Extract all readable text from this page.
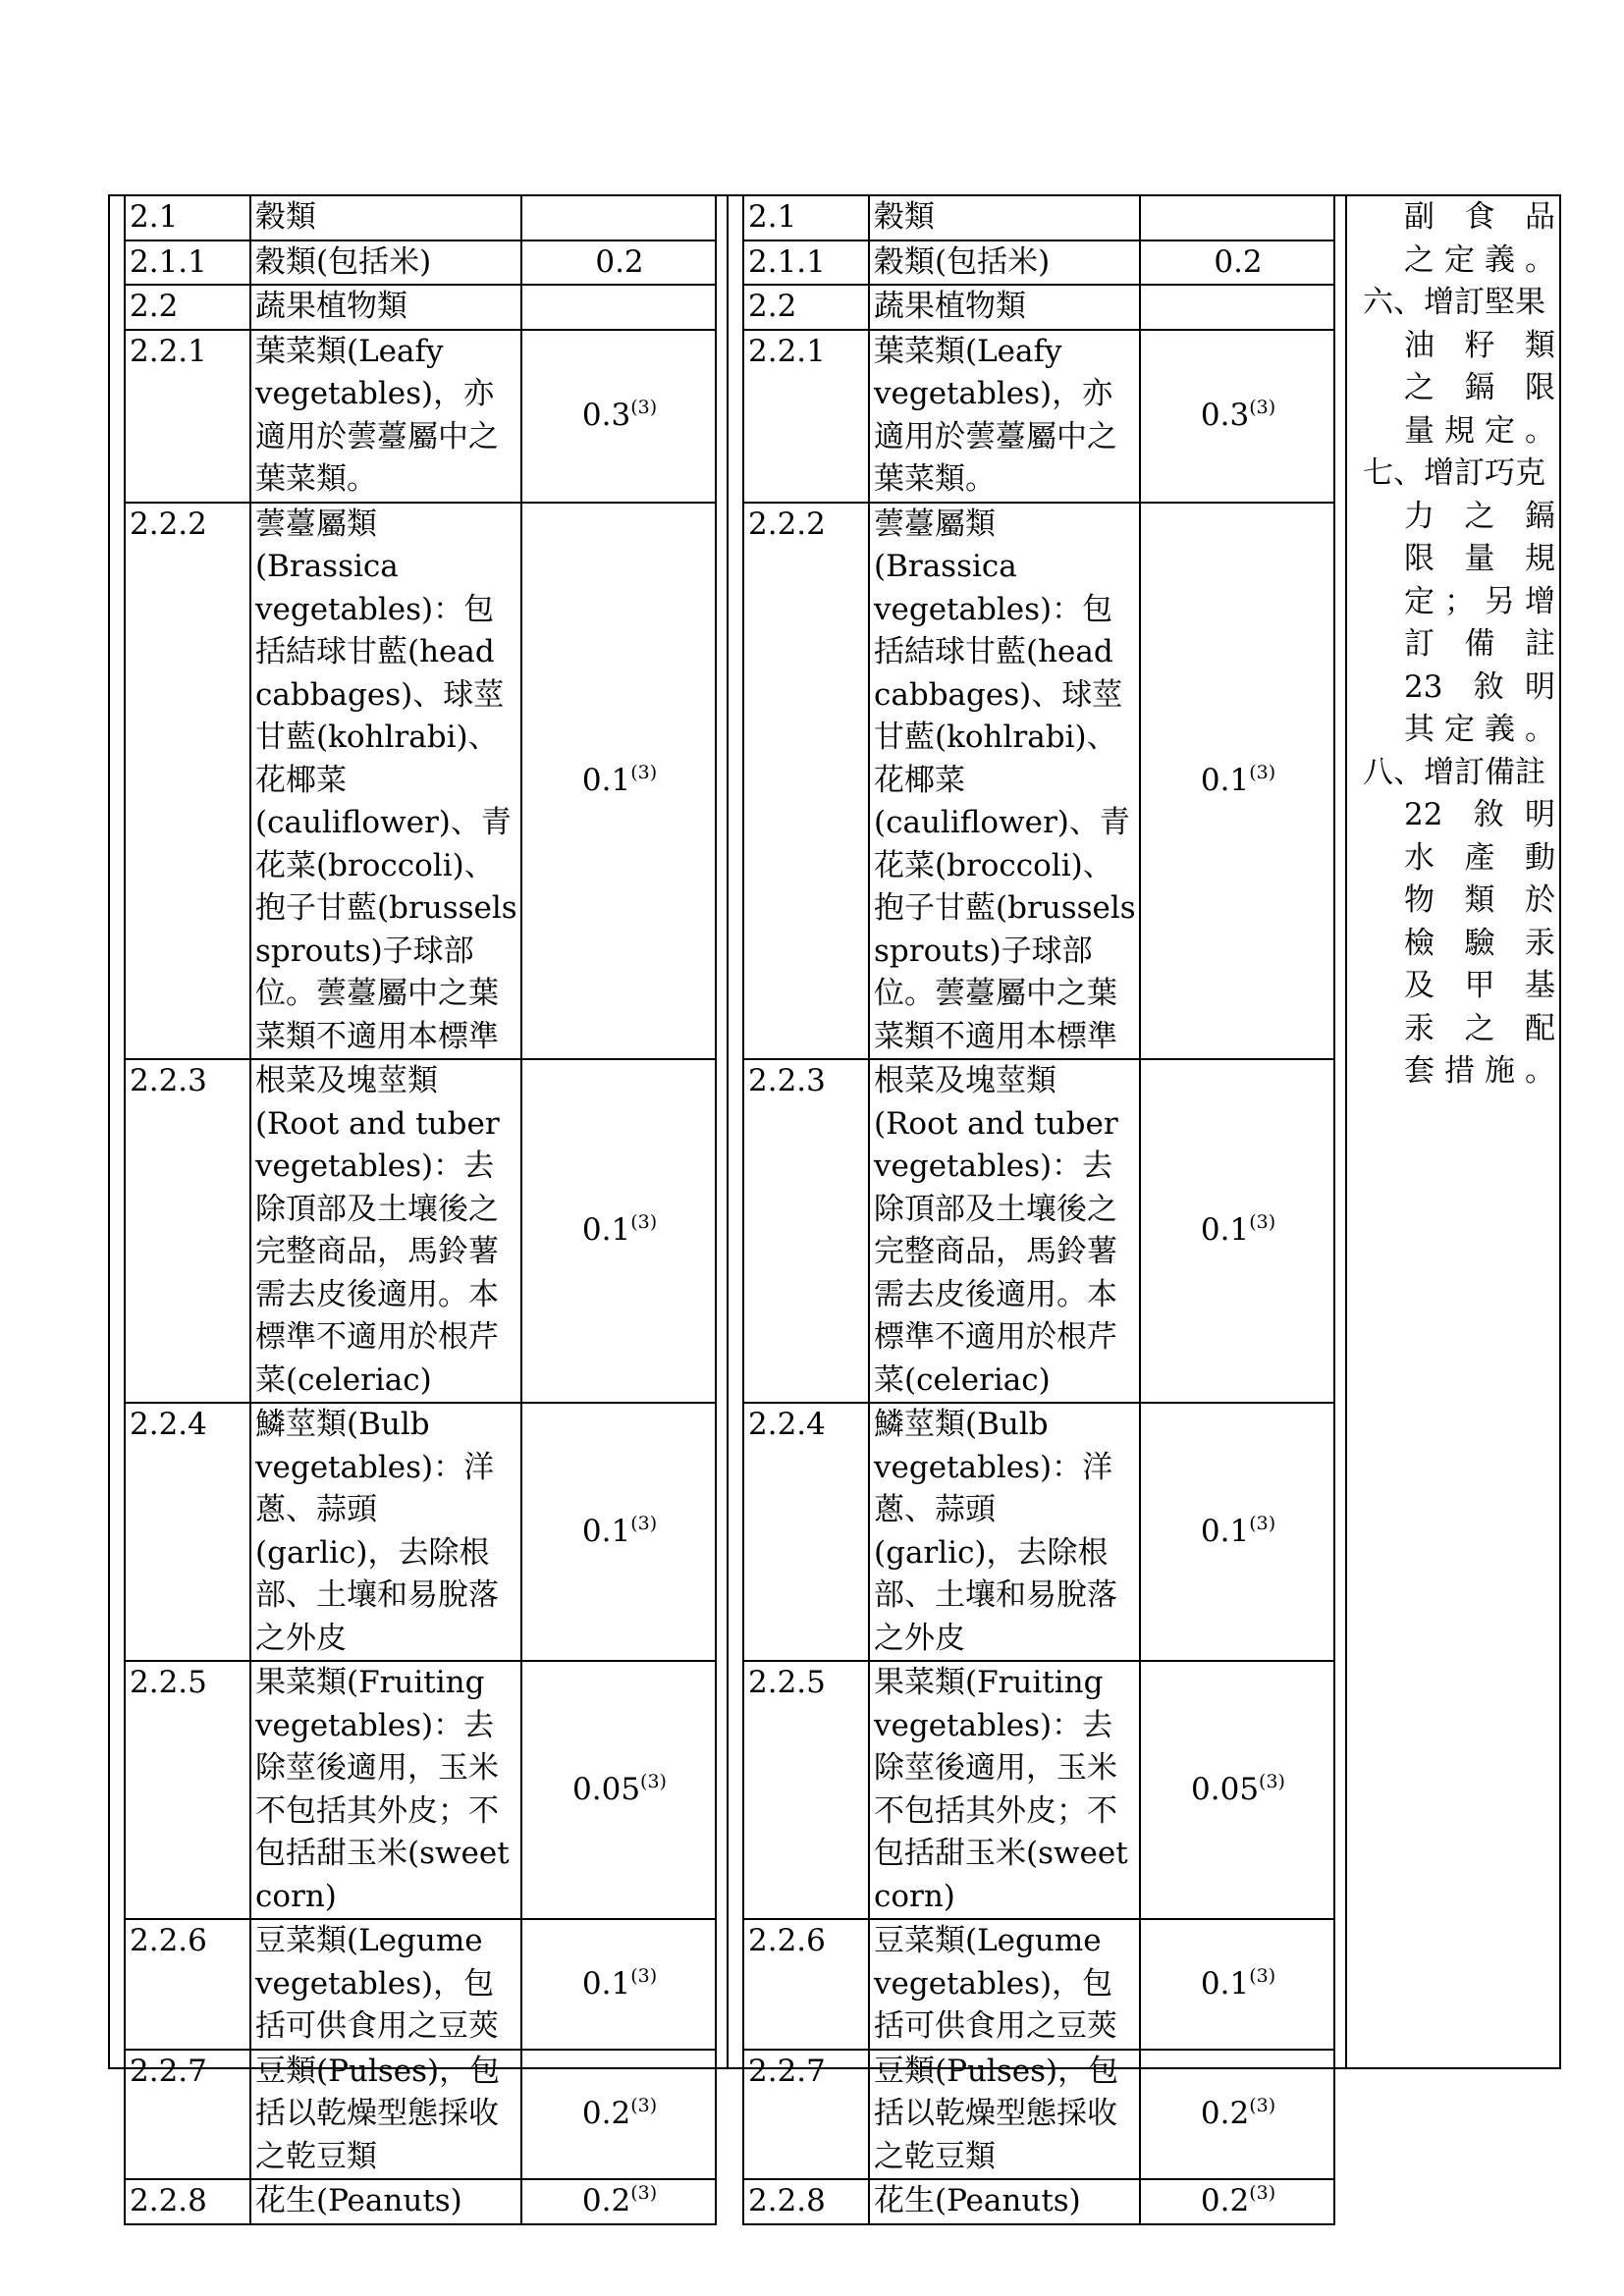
2.1	穀類	
2.1.1	穀類(包括米)	0.2
2.2	蔬果植物類	
2.2.1	葉菜類(Leafy vegetables)，亦適用於蕓薹屬中之葉菜類。	0.3$^{(3)}$
2.2.2	蕓薹屬類(Brassica vegetables)：包括結球甘藍(head cabbages)、球莖甘藍(kohlrabi)、花椰菜(cauliflower)、青花菜(broccoli)、抱子甘藍(brussels sprouts)子球部位。蕓薹屬中之葉菜類不適用本標準	0.1$^{(3)}$
2.2.3	根菜及塊莖類(Root and tuber vegetables)：去除頂部及土壤後之完整商品，馬鈴薯需去皮後適用。本標準不適用於根芹菜(celeriac)	0.1$^{(3)}$
2.2.4	鱗莖類(Bulb vegetables)：洋蔥、蒜頭(garlic)，去除根部、土壤和易脫落之外皮	0.1$^{(3)}$
2.2.5	果菜類(Fruiting vegetables)：去除莖後適用，玉米不包括其外皮；不包括甜玉米(sweet corn)	0.05$^{(3)}$
2.2.6	豆菜類(Legume vegetables)，包括可供食用之豆莢	0.1$^{(3)}$
2.2.7	豆類(Pulses)，包括以乾燥型態採收之乾豆類	0.2$^{(3)}$
2.2.8	花生(Peanuts)	0.2$^{(3)}$
2.1	穀類	
2.1.1	穀類(包括米)	0.2
2.2	蔬果植物類	
2.2.1	葉菜類(Leafy vegetables)，亦適用於蕓薹屬中之葉菜類。	0.3$^{(3)}$
2.2.2	蕓薹屬類(Brassica vegetables)：包括結球甘藍(head cabbages)、球莖甘藍(kohlrabi)、花椰菜(cauliflower)、青花菜(broccoli)、抱子甘藍(brussels sprouts)子球部位。蕓薹屬中之葉菜類不適用本標準	0.1$^{(3)}$
2.2.3	根菜及塊莖類(Root and tuber vegetables)：去除頂部及土壤後之完整商品，馬鈴薯需去皮後適用。本標準不適用於根芹菜(celeriac)	0.1$^{(3)}$
2.2.4	鱗莖類(Bulb vegetables)：洋蔥、蒜頭(garlic)，去除根部、土壤和易脫落之外皮	0.1$^{(3)}$
2.2.5	果菜類(Fruiting vegetables)：去除莖後適用，玉米不包括其外皮；不包括甜玉米(sweet corn)	0.05$^{(3)}$
2.2.6	豆菜類(Legume vegetables)，包括可供食用之豆莢	0.1$^{(3)}$
2.2.7	豆類(Pulses)，包括以乾燥型態採收之乾豆類	0.2$^{(3)}$
2.2.8	花生(Peanuts)	0.2$^{(3)}$

副食品

之定義。

六、增訂堅果

油籽類

之鎘限

量規定。

七、增訂巧克

力之鎘

限量規

定；另增

訂備註

23 敘明

其定義。

八、增訂備註

22 敘明

水產動

物類於

檢驗汞

及甲基

汞之配

套措施。
